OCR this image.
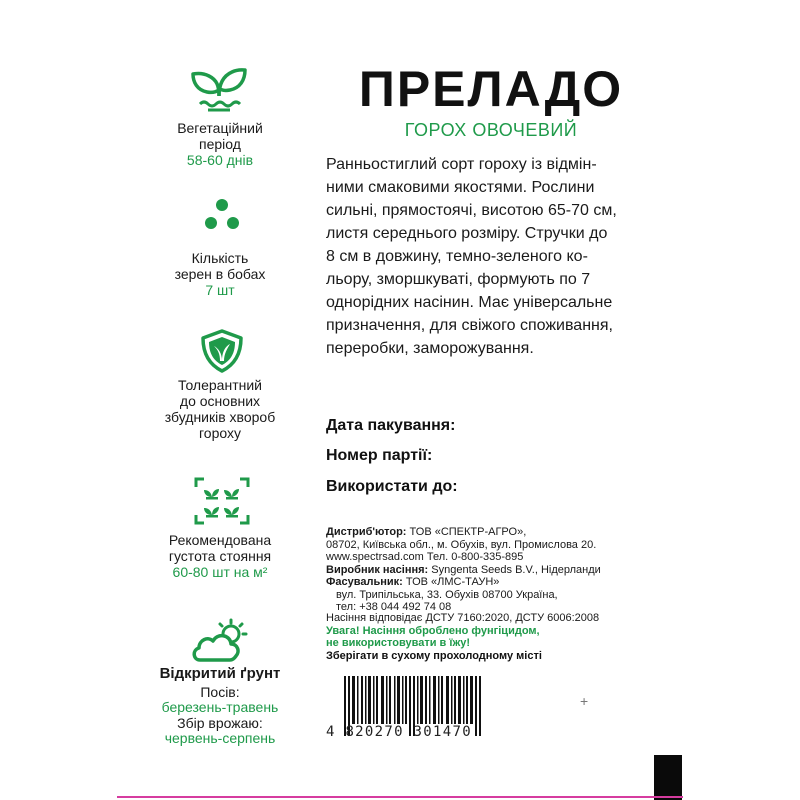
Вегетаційний
період
58-60 днів
Кількість
зерен в бобах
7 шт
Толерантний
до основних
збудників хвороб
гороху
Рекомендована
густота стояння
60-80 шт на м²
Відкритий ґрунт
Посів:
березень-травень
Збір врожаю:
червень-серпень
ПРЕЛАДО
ГОРОХ ОВОЧЕВИЙ
Ранньостиглий сорт гороху із відмін-
ними смаковими якостями. Рослини
сильні, прямостоячі, висотою 65-70 см,
листя середнього розміру. Стручки до
8 см в довжину, темно-зеленого ко-
льору, зморшкуваті, формують по 7
однорідних насінин. Має універсальне
призначення, для свіжого споживання,
переробки, заморожування.
Дата пакування:
Номер партії:
Використати до:
Дистриб'ютор: ТОВ «СПЕКТР-АГРО»,
08702, Київська обл., м. Обухів, вул. Промислова 20.
www.spectrsad.com Тел. 0-800-335-895
Виробник насіння: Syngenta Seeds B.V., Нідерланди
Фасувальник: ТОВ «ЛМС-ТАУН»
вул. Трипільська, 33. Обухів 08700 Україна,
тел: +38 044 492 74 08
Насіння відповідає ДСТУ 7160:2020, ДСТУ 6006:2008
Увага! Насіння оброблено фунгіцидом,
не використовувати в їжу!
Зберігати в сухому прохолодному місті
4 820270 301470
+
